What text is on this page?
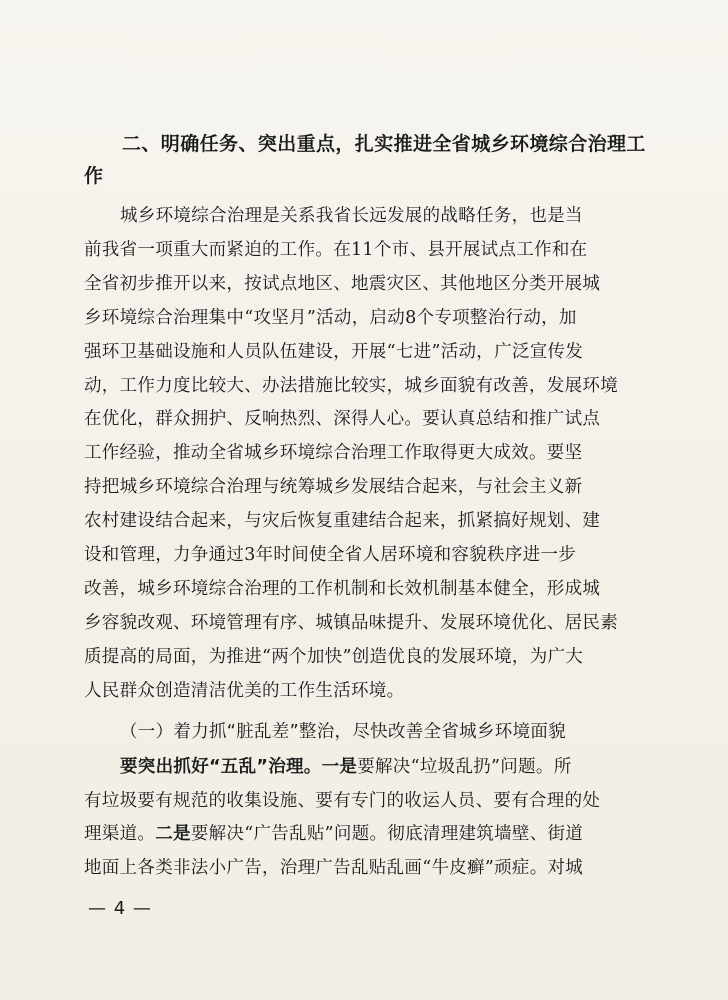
二、明确任务、突出重点，扎实推进全省城乡环境综合治理工
作

城乡环境综合治理是关系我省长远发展的战略任务，也是当
前我省一项重大而紧迫的工作。在11个市、县开展试点工作和在
全省初步推开以来，按试点地区、地震灾区、其他地区分类开展城
乡环境综合治理集中“攻坚月”活动，启动8个专项整治行动，加
强环卫基础设施和人员队伍建设，开展“七进”活动，广泛宣传发
动，工作力度比较大、办法措施比较实，城乡面貌有改善，发展环境
在优化，群众拥护、反响热烈、深得人心。要认真总结和推广试点
工作经验，推动全省城乡环境综合治理工作取得更大成效。要坚
持把城乡环境综合治理与统筹城乡发展结合起来，与社会主义新
农村建设结合起来，与灾后恢复重建结合起来，抓紧搞好规划、建
设和管理，力争通过3年时间使全省人居环境和容貌秩序进一步
改善，城乡环境综合治理的工作机制和长效机制基本健全，形成城
乡容貌改观、环境管理有序、城镇品味提升、发展环境优化、居民素
质提高的局面，为推进“两个加快”创造优良的发展环境，为广大
人民群众创造清洁优美的工作生活环境。

（一）着力抓“脏乱差”整治，尽快改善全省城乡环境面貌

要突出抓好“五乱”治理。一是要解决“垃圾乱扔”问题。所
有垃圾要有规范的收集设施、要有专门的收运人员、要有合理的处
理渠道。二是要解决“广告乱贴”问题。彻底清理建筑墙壁、街道
地面上各类非法小广告，治理广告乱贴乱画“牛皮癣”顽症。对城

— 4 —
